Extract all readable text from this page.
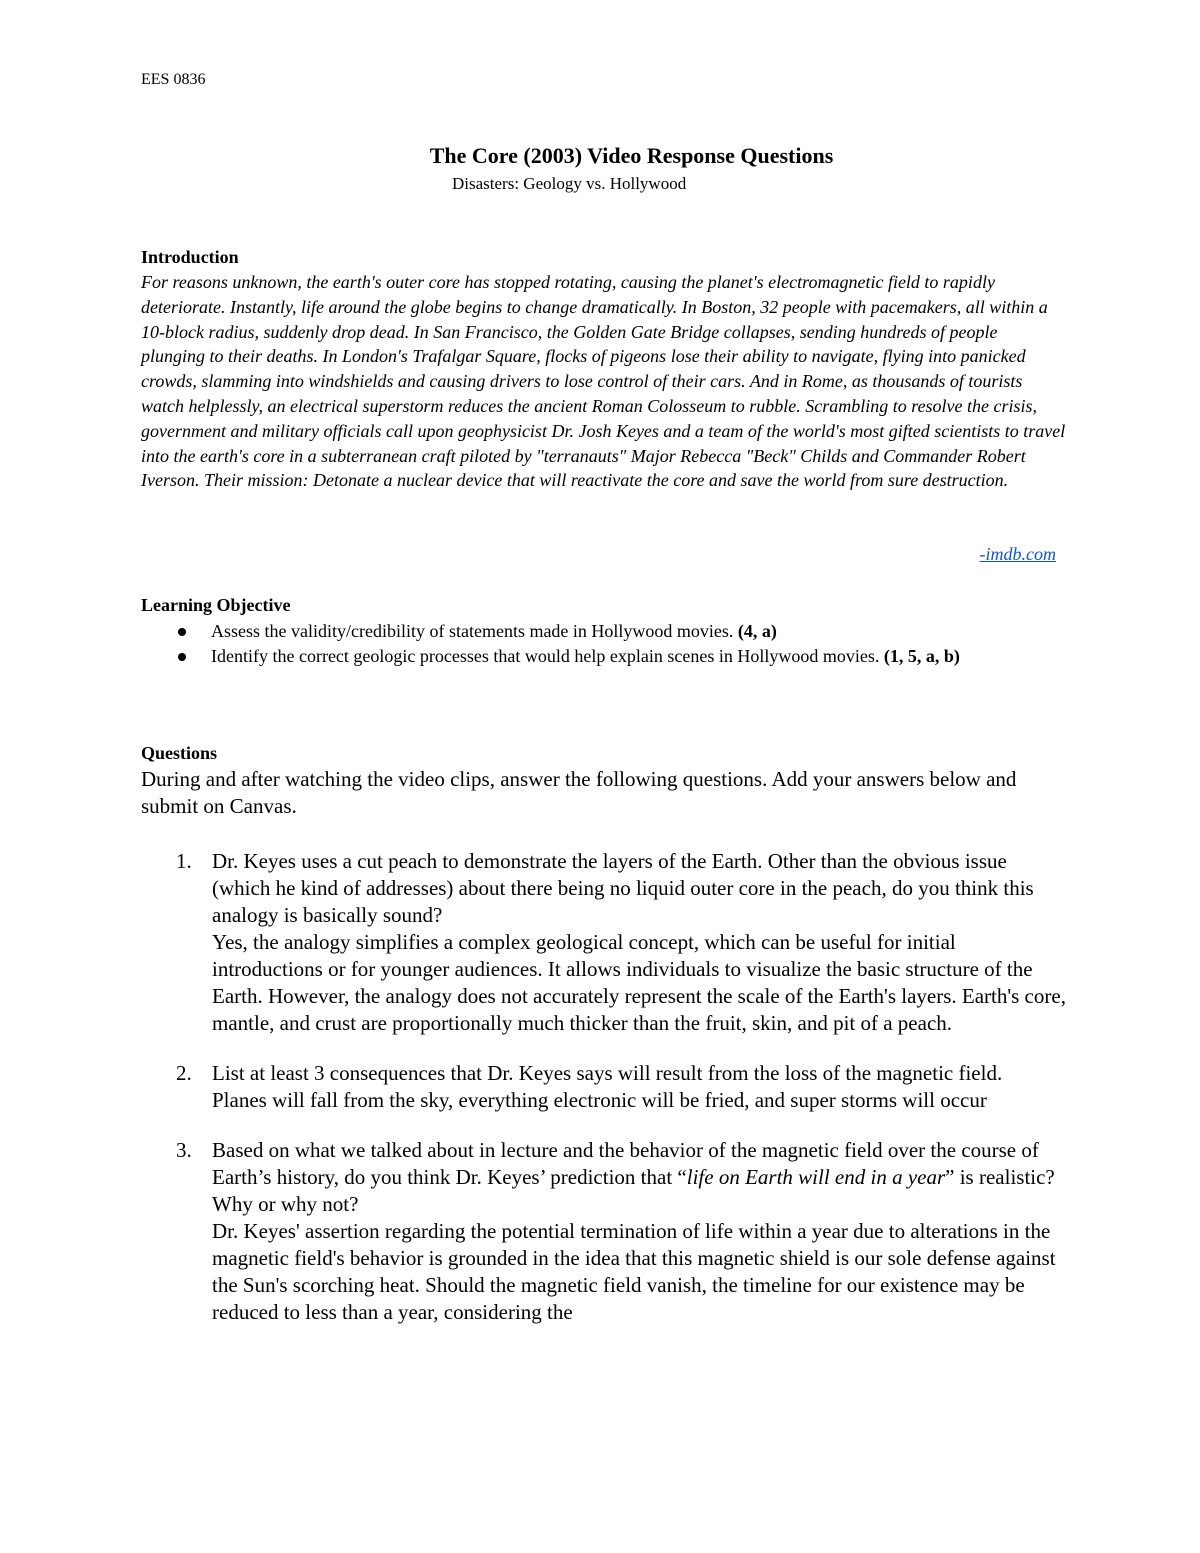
EES 0836
The Core (2003) Video Response Questions
Disasters: Geology vs. Hollywood
Introduction
For reasons unknown, the earth's outer core has stopped rotating, causing the planet's electromagnetic field to rapidly deteriorate. Instantly, life around the globe begins to change dramatically. In Boston, 32 people with pacemakers, all within a 10-block radius, suddenly drop dead. In San Francisco, the Golden Gate Bridge collapses, sending hundreds of people plunging to their deaths. In London's Trafalgar Square, flocks of pigeons lose their ability to navigate, flying into panicked crowds, slamming into windshields and causing drivers to lose control of their cars. And in Rome, as thousands of tourists watch helplessly, an electrical superstorm reduces the ancient Roman Colosseum to rubble. Scrambling to resolve the crisis, government and military officials call upon geophysicist Dr. Josh Keyes and a team of the world's most gifted scientists to travel into the earth's core in a subterranean craft piloted by "terranauts" Major Rebecca "Beck" Childs and Commander Robert Iverson. Their mission: Detonate a nuclear device that will reactivate the core and save the world from sure destruction.
-imdb.com
Learning Objective
Assess the validity/credibility of statements made in Hollywood movies. (4, a)
Identify the correct geologic processes that would help explain scenes in Hollywood movies. (1, 5, a, b)
Questions
During and after watching the video clips, answer the following questions. Add your answers below and submit on Canvas.
1. Dr. Keyes uses a cut peach to demonstrate the layers of the Earth. Other than the obvious issue (which he kind of addresses) about there being no liquid outer core in the peach, do you think this analogy is basically sound?
Yes, the analogy simplifies a complex geological concept, which can be useful for initial introductions or for younger audiences. It allows individuals to visualize the basic structure of the Earth. However, the analogy does not accurately represent the scale of the Earth's layers. Earth's core, mantle, and crust are proportionally much thicker than the fruit, skin, and pit of a peach.
2. List at least 3 consequences that Dr. Keyes says will result from the loss of the magnetic field.
Planes will fall from the sky, everything electronic will be fried, and super storms will occur
3. Based on what we talked about in lecture and the behavior of the magnetic field over the course of Earth’s history, do you think Dr. Keyes’ prediction that “life on Earth will end in a year” is realistic? Why or why not?
Dr. Keyes' assertion regarding the potential termination of life within a year due to alterations in the magnetic field's behavior is grounded in the idea that this magnetic shield is our sole defense against the Sun's scorching heat. Should the magnetic field vanish, the timeline for our existence may be reduced to less than a year, considering the
